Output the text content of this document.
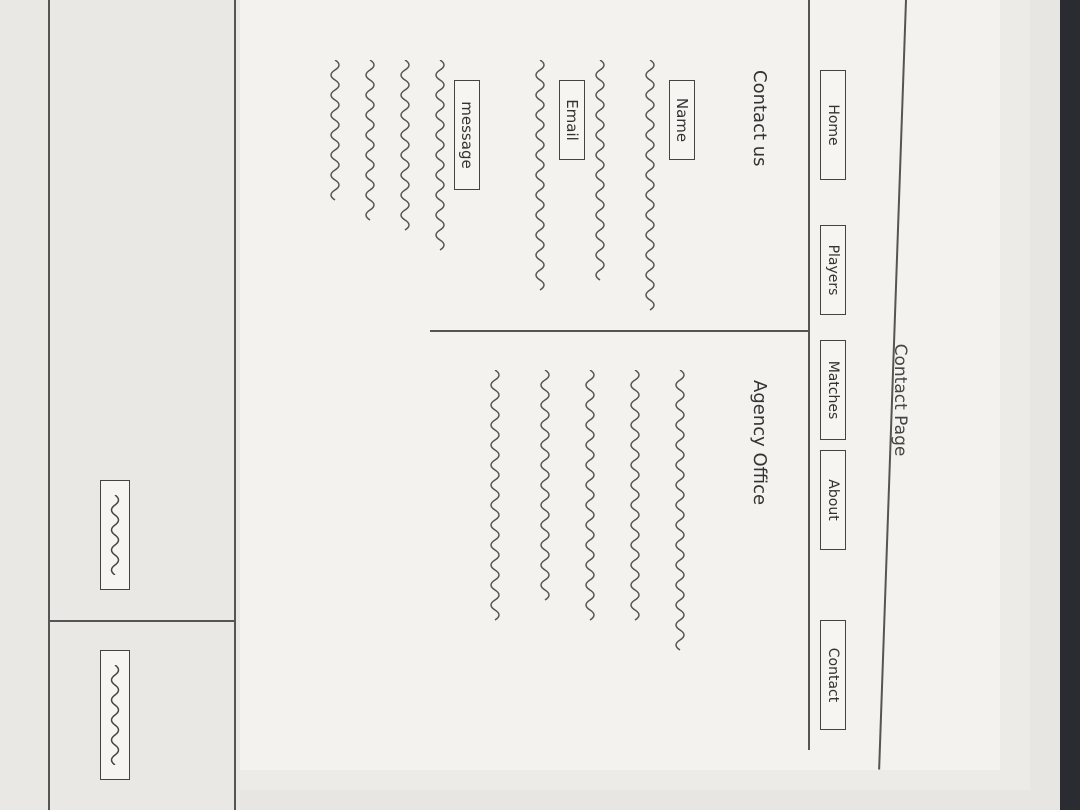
Contact Page
Home
Players
Matches
About
Contact
Contact us
Agency Office
Name
Email
message
